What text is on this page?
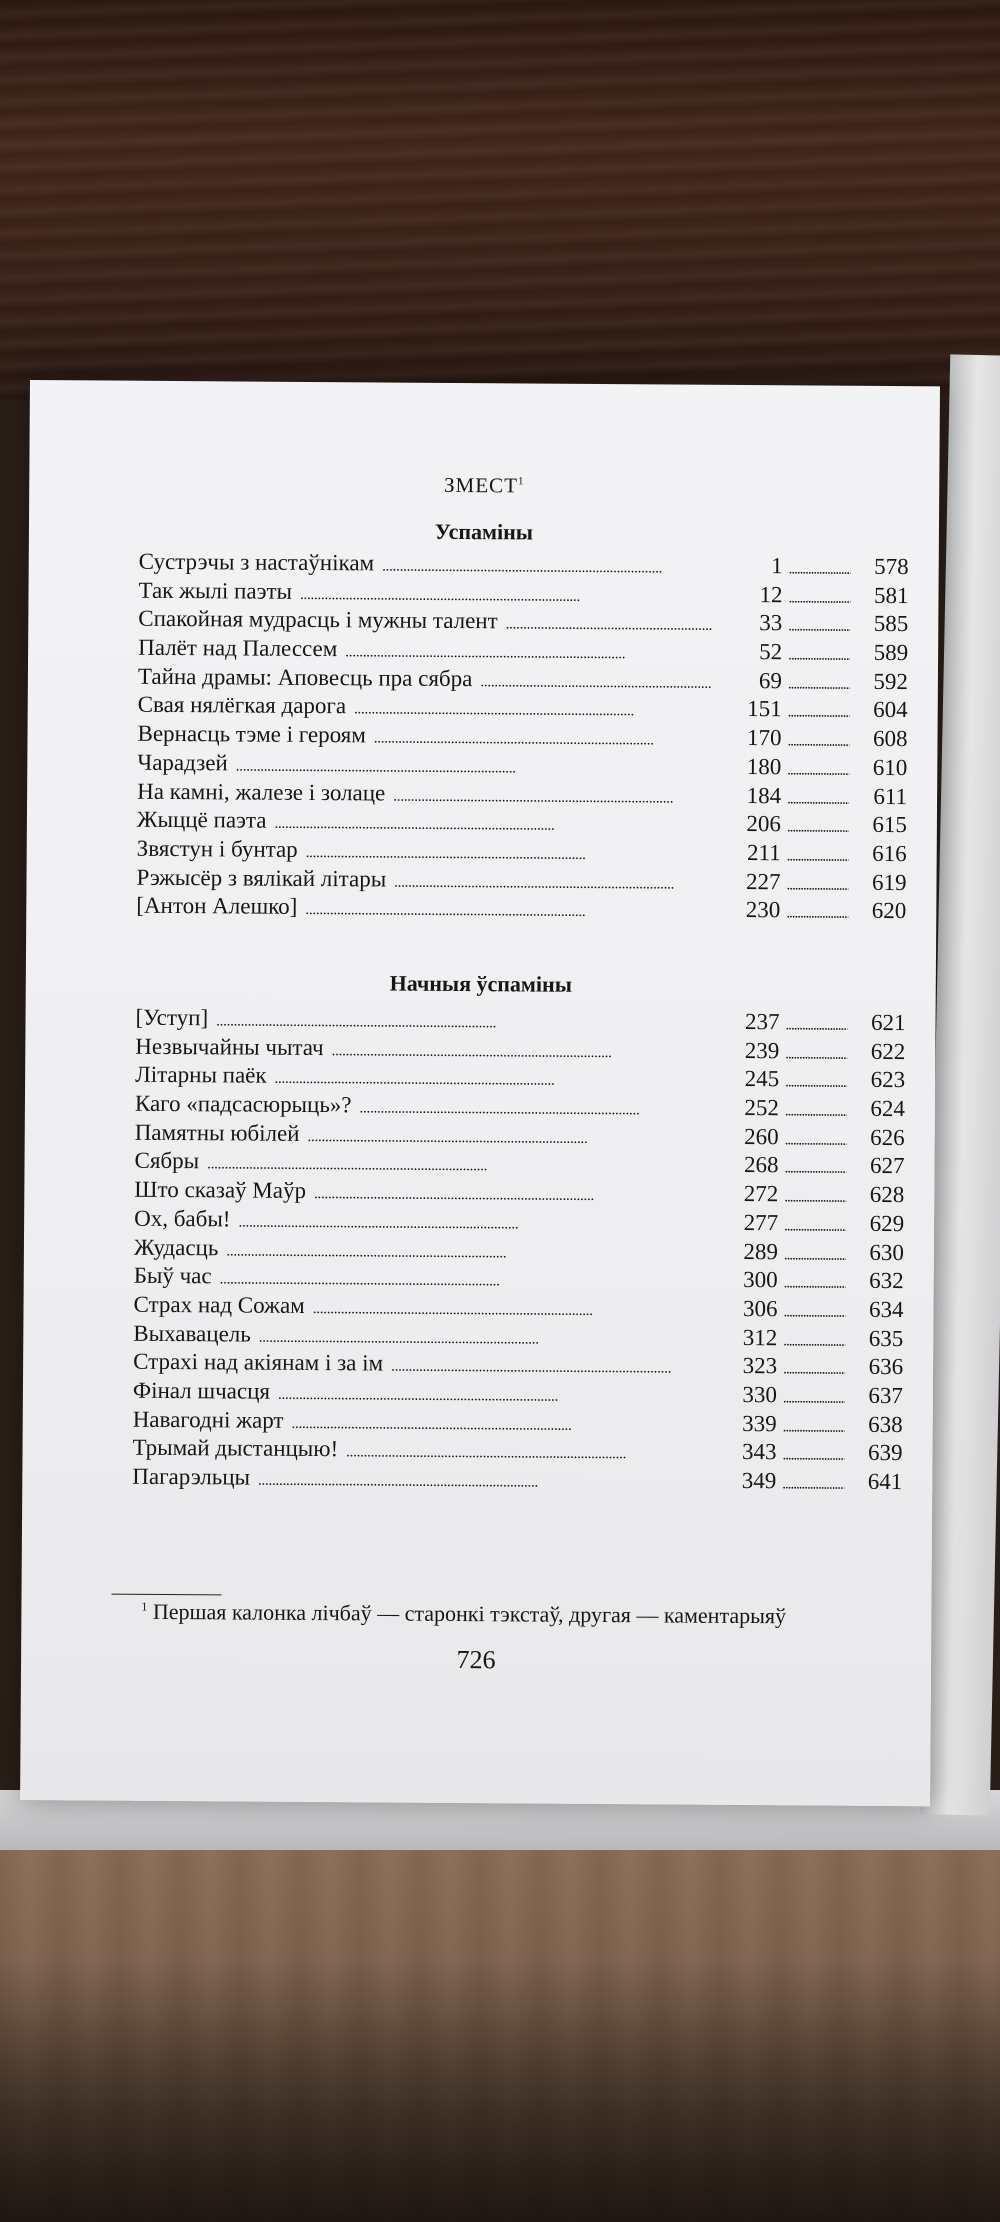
ЗМЕСТ$^1$
Успаміны
Сустрэчы з настаўнікам . . .	1 .....	578
Так жылі паэты . . .	12 .....	581
Спакойная мудрасць і мужны талент . . .	33 .....	585
Палёт над Палессем . . .	52 .....	589
Тайна драмы: Аповесць пра сябра . . .	69 .....	592
Свая нялёгкая дарога . . .	151 .....	604
Вернасць тэме і героям . . .	170 .....	608
Чарадзей . . .	180 .....	610
На камні, жалезе і золаце . . .	184 .....	611
Жыццё паэта . . .	206 .....	615
Звястун і бунтар . . .	211 .....	616
Рэжысёр з вялікай літары . . .	227 .....	619
[Антон Алешко] . . .	230 .....	620
Начныя ўспаміны
[Уступ] . . .	237 .....	621
Незвычайны чытач . . .	239 .....	622
Літарны паёк . . .	245 .....	623
Каго «падсасюрыць»? . . .	252 .....	624
Памятны юбілей . . .	260 .....	626
Сябры . . .	268 .....	627
Што сказаў Маўр . . .	272 .....	628
Ох, бабы! . . .	277 .....	629
Жудасць . . .	289 .....	630
Быў час . . .	300 .....	632
Страх над Сожам . . .	306 .....	634
Выхавацель . . .	312 .....	635
Страхі над акіянам і за ім . . .	323 .....	636
Фінал шчасця . . .	330 .....	637
Навагодні жарт . . .	339 .....	638
Трымай дыстанцыю! . . .	343 .....	639
Пагарэльцы . . .	349 .....	641
$^1$ Першая калонка лічбаў — старонкі тэкстаў, другая — каментарыяў
726
